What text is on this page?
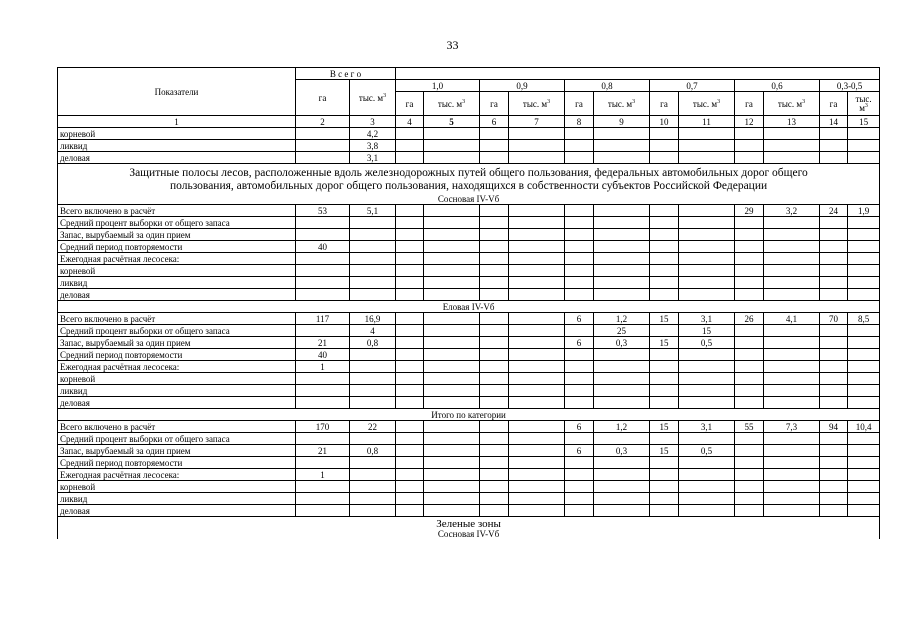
33
Показатели	В с е г о													
	га	тыс. $м^3$	1,0		0,9		0,8		0,7		0,6		0,3-0,5	
			га	тыс. $м^3$	га	тыс. $м^3$	га	тыс. $м^3$	га	тыс. $м^3$	га	тыс. $м^3$	га	тыс.
$м^3$
1	2	3	4	5	6	7	8	9	10	11	12	13	14	15
корневой		4,2												
ликвид		3,8												
деловая		3,1												
Защитные полосы лесов, расположенные вдоль железнодорожных путей общего пользования, федеральных автомобильных дорог общего пользования, автомобильных дорог общего пользования, находящихся в собственности субъектов Российской Федерации														
Сосновая IV-Vб														
Всего включено в расчёт	53	5,1									29	3,2	24	1,9
Средний процент выборки от общего запаса														
Запас, вырубаемый за один прием														
Средний период повторяемости	40													
Ежегодная расчётная лесосека:														
корневой														
ликвид														
деловая														
Еловая IV-Vб														
Всего включено в расчёт	117	16,9					6	1,2	15	3,1	26	4,1	70	8,5
Средний процент выборки от общего запаса		4						25		15				
Запас, вырубаемый за один прием	21	0,8					6	0,3	15	0,5				
Средний период повторяемости	40													
Ежегодная расчётная лесосека:	1													
корневой														
ликвид														
деловая														
Итого по категории														
Всего включено в расчёт	170	22					6	1,2	15	3,1	55	7,3	94	10,4
Средний процент выборки от общего запаса														
Запас, вырубаемый за один прием	21	0,8					6	0,3	15	0,5				
Средний период повторяемости														
Ежегодная расчётная лесосека:	1													
корневой														
ликвид														
деловая														
Зеленые зоны
Сосновая IV-Vб														
